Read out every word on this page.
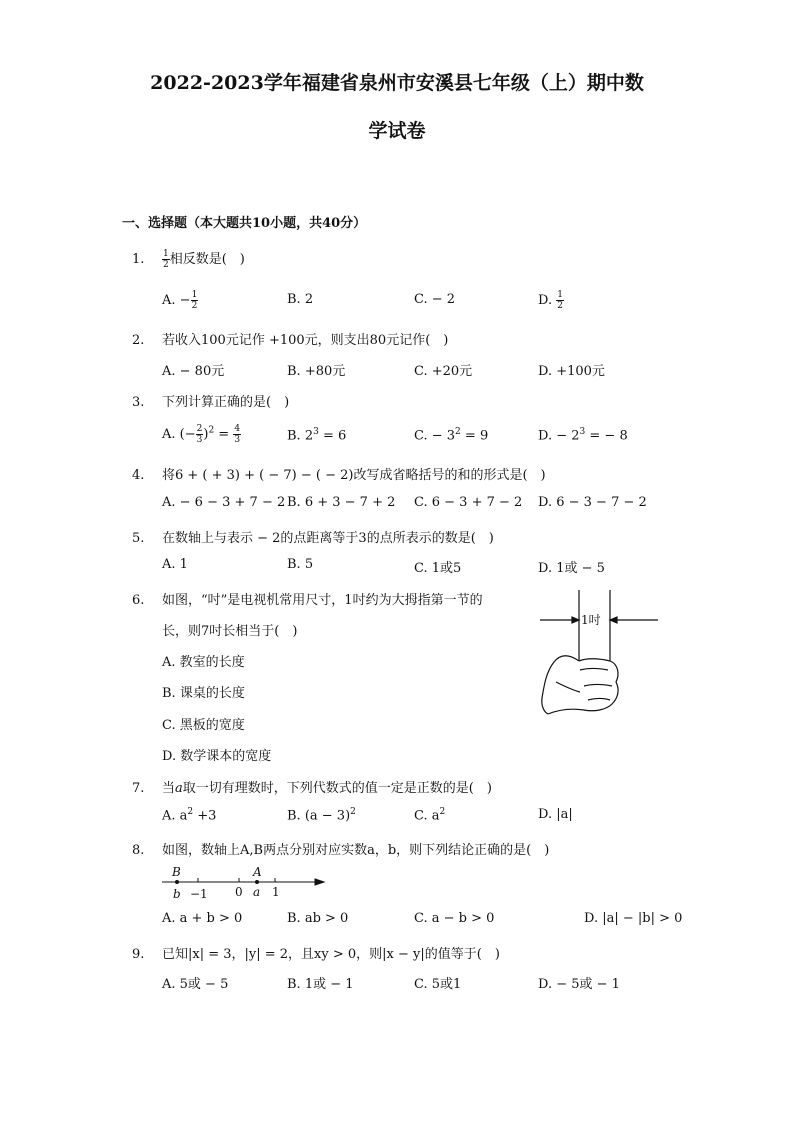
2022-2023学年福建省泉州市安溪县七年级（上）期中数
学试卷
一、选择题（本大题共10小题，共40分）
1. $\frac{1}{2}$ 相反数是(　)
A. − $\frac{1}{2}$	B. 2	C. − 2	D. $\frac{1}{2}$
2. 若收入100元记作 +100元，则支出80元记作(　)
A. − 80元	B. +80元	C. +20元	D. +100元
3. 下列计算正确的是(　)
A. (− $\frac{2}{3} )^2 = \frac{4}{3}$	B. $2^3 = 6$	C. − $3^2 = 9$	D. − $2^3$ = − 8
4. 将6 + ( + 3) + ( − 7) − ( − 2)改写成省略括号的和的形式是(　)
A. − 6 − 3 + 7 − 2 B. 6 + 3 − 7 + 2 C. 6 − 3 + 7 − 2 D. 6 − 3 − 7 − 2
5. 在数轴上与表示 − 2的点距离等于3的点所表示的数是(　)
A. 1	B. 5	C. 1或5	D. 1或 − 5
6. 如图，“吋”是电视机常用尺寸，1吋约为大拇指第一节的
长，则7吋长相当于(　)
A. 教室的长度
B. 课桌的长度
C. 黑板的宽度
D. 数学课本的宽度
1吋
7. 当a取一切有理数时，下列代数式的值一定是正数的是(　)
A. $a^2 +3$	B. $(a - 3)^2$	C. $a^2$	D. |a|
8. 如图，数轴上A,B两点分别对应实数a，b，则下列结论正确的是(　)
B
b −1 0
A
a 1
A. a + b > 0	B. ab > 0	C. a − b > 0	D. |a| − |b| > 0
9. 已知|x| = 3，|y| = 2，且xy > 0，则|x − y|的值等于(　)
A. 5或 − 5	B. 1或 − 1	C. 5或1	D. − 5或 − 1
